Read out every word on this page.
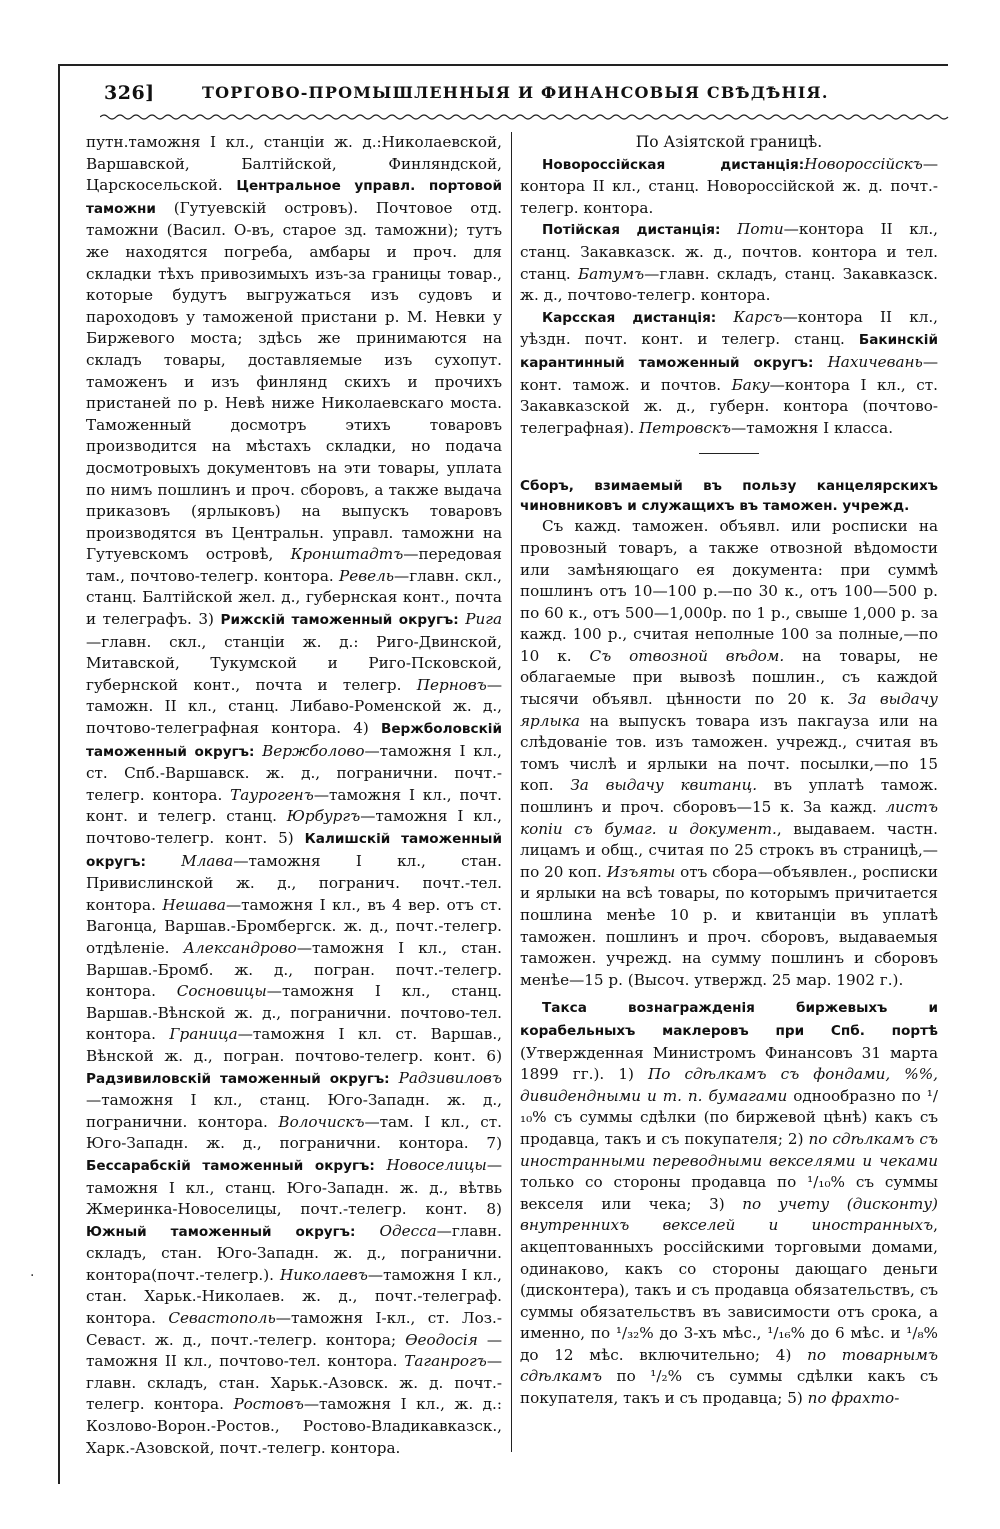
326]	ТОРГОВО-ПРОМЫШЛЕННЫЯ И ФИНАНСОВЫЯ СВѢДѢНІЯ.

путн.таможня I кл., станціи ж. д.:Николаевской, Варшавской, Балтійской, Финляндской, Царскосельской. Центральное управл. портовой таможни (Гутуевскій островъ). Почтовое отд. таможни (Васил. О-въ, старое зд. таможни); тутъ же находятся погреба, амбары и проч. для складки тѣхъ привозимыхъ изъ-за границы товар., которые будутъ выгружаться изъ судовъ и пароходовъ у таможеной пристани р. М. Невки у Биржевого моста; здѣсь же принимаются на складъ товары, доставляемые изъ сухопут. таможенъ и изъ финлянд скихъ и прочихъ пристаней по р. Невѣ ниже Николаевскаго моста. Таможенный досмотръ этихъ товаровъ производится на мѣстахъ складки, но подача досмотровыхъ документовъ на эти товары, уплата по нимъ пошлинъ и проч. сборовъ, а также выдача приказовъ (ярлыковъ) на выпускъ товаровъ производятся въ Центральн. управл. таможни на Гутуевскомъ островѣ, Кронштадтъ—передовая там., почтово-телегр. контора. Ревель—главн. скл., станц. Балтійской жел. д., губернская конт., почта и телеграфъ. 3) Рижскій таможенный округъ: Рига—главн. скл., станціи ж. д.: Риго-Двинской, Митавской, Тукумской и Риго-Псковской, губернской конт., почта и телегр. Перновъ—таможн. II кл., станц. Либаво-Роменской ж. д., почтово-телеграфная контора. 4) Вержболовскій таможенный округъ: Вержболово—таможня I кл., ст. Спб.-Варшавск. ж. д., погранични. почт.-телегр. контора. Таурогенъ—таможня I кл., почт. конт. и телегр. станц. Юрбургъ—таможня I кл., почтово-телегр. конт. 5) Калишскій таможенный округъ: Млава—таможня I кл., стан. Привислинской ж. д., погранич. почт.-тел. контора. Нешава—таможня I кл., въ 4 вер. отъ ст. Вагонца, Варшав.-Бромбергск. ж. д., почт.-телегр. отдѣленіе. Александрово—таможня I кл., стан. Варшав.-Бромб. ж. д., погран. почт.-телегр. контора. Сосновицы—таможня I кл., станц. Варшав.-Вѣнской ж. д., погранични. почтово-тел. контора. Граница—таможня I кл. ст. Варшав., Вѣнской ж. д., погран. почтово-телегр. конт. 6) Радзивиловскій таможенный округъ: Радзивиловъ—таможня I кл., станц. Юго-Западн. ж. д., погранични. контора. Волочискъ—там. I кл., ст. Юго-Западн. ж. д., погранични. контора. 7) Бессарабскій таможенный округъ: Новоселицы—таможня I кл., станц. Юго-Западн. ж. д., вѣтвь Жмеринка-Новоселицы, почт.-телегр. конт. 8) Южный таможенный округъ: Одесса—главн. складъ, стан. Юго-Западн. ж. д., погранични. контора(почт.-телегр.). Николаевъ—таможня I кл., стан. Харьк.-Николаев. ж. д., почт.-телеграф. контора. Севастополь—таможня I-кл., ст. Лоз.-Севаст. ж. д., почт.-телегр. контора; Ѳеодосія —таможня II кл., почтово-тел. контора. Таганрогъ—главн. складъ, стан. Харьк.-Азовск. ж. д. почт.-телегр. контора. Ростовъ—таможня I кл., ж. д.: Козлово-Ворон.-Ростов., Ростово-Владикавказск., Харк.-Азовской, почт.-телегр. контора.

По Азіятской границѣ.

Новороссійская дистанція:Новороссійскъ—контора II кл., станц. Новороссійской ж. д. почт.-телегр. контора.

Потійская дистанція: Поти—контора II кл., станц. Закавказск. ж. д., почтов. контора и тел. станц. Батумъ—главн. складъ, станц. Закавказск. ж. д., почтово-телегр. контора.

Карсская дистанція: Карсъ—контора II кл., уѣздн. почт. конт. и телегр. станц. Бакинскій карантинный таможенный округъ: Нахичевань—конт. тамож. и почтов. Баку—контора I кл., ст. Закавказской ж. д., губерн. контора (почтово-телеграфная). Петровскъ—таможня I класса.

Сборъ, взимаемый въ пользу канцелярскихъ чиновниковъ и служащихъ въ таможен. учрежд.

Съ кажд. таможен. объявл. или росписки на провозный товаръ, а также отвозной вѣдомости или замѣняющаго ея документа: при суммѣ пошлинъ отъ 10—100 р.—по 30 к., отъ 100—500 р. по 60 к., отъ 500—1,000р. по 1 р., свыше 1,000 р. за кажд. 100 р., считая неполные 100 за полные,—по 10 к. Съ отвозной вѣдом. на товары, не облагаемые при вывозѣ пошлин., съ каждой тысячи объявл. цѣнности по 20 к. За выдачу ярлыка на выпускъ товара изъ пакгауза или на слѣдованіе тов. изъ таможен. учрежд., считая въ томъ числѣ и ярлыки на почт. посылки,—по 15 коп. За выдачу квитанц. въ уплатѣ тамож. пошлинъ и проч. сборовъ—15 к. За кажд. листъ копіи съ бумаг. и документ., выдаваем. частн. лицамъ и общ., считая по 25 строкъ въ страницѣ,—по 20 коп. Изъяты отъ сбора—объявлен., росписки и ярлыки на всѣ товары, по которымъ причитается пошлина менѣе 10 р. и квитанціи въ уплатѣ таможен. пошлинъ и проч. сборовъ, выдаваемыя таможен. учрежд. на сумму пошлинъ и сборовъ менѣе—15 р. (Высоч. утвержд. 25 мар. 1902 г.).

Такса вознагражденія биржевыхъ и корабельныхъ маклеровъ при Спб. портѣ (Утвержденная Министромъ Финансовъ 31 марта 1899 гг.). 1) По сдѣлкамъ съ фондами, %%, дивидендными и т. п. бумагами однообразно по ¹/₁₀% съ суммы сдѣлки (по биржевой цѣнѣ) какъ съ продавца, такъ и съ покупателя; 2) по сдѣлкамъ съ иностранными переводными векселями и чеками только со стороны продавца по ¹/₁₀% съ суммы векселя или чека; 3) по учету (дисконту) внутреннихъ векселей и иностранныхъ, акцептованныхъ россійскими торговыми домами, одинаково, какъ со стороны дающаго деньги (дисконтера), такъ и съ продавца обязательствъ, съ суммы обязательствъ въ зависимости отъ срока, а именно, по ¹/₃₂% до 3-хъ мѣс., ¹/₁₆% до 6 мѣс. и ¹/₈% до 12 мѣс. включительно; 4) по товарнымъ сдѣлкамъ по ¹/₂% съ суммы сдѣлки какъ съ покупателя, такъ и съ продавца; 5) по фрахто-

·
